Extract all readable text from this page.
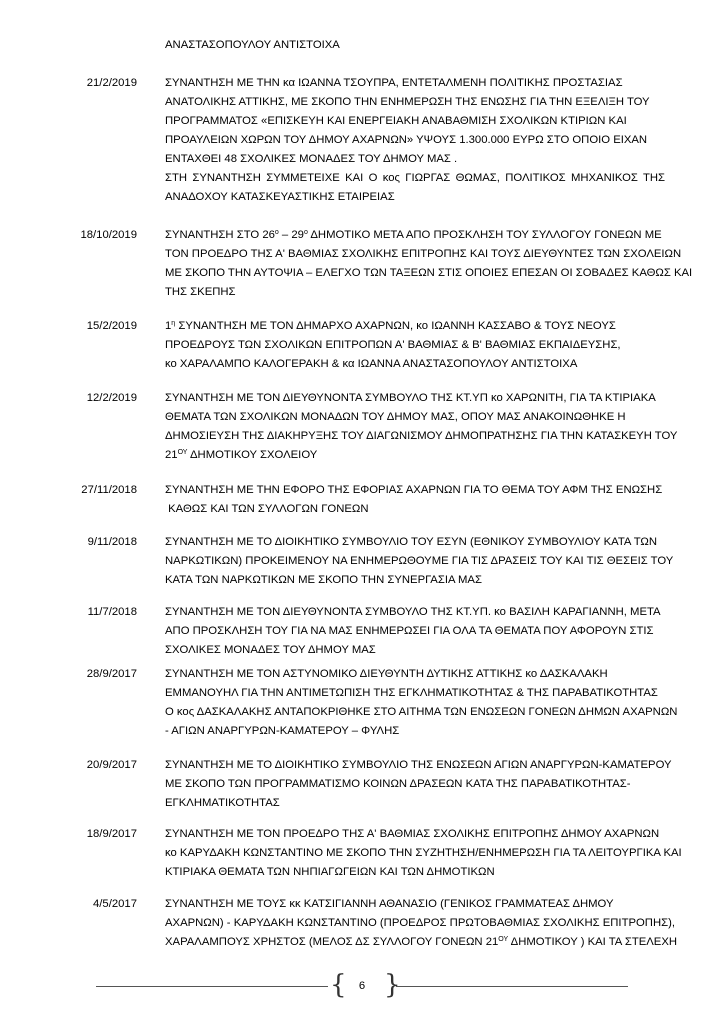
ΑΝΑΣΤΑΣΟΠΟΥΛΟΥ ΑΝΤΙΣΤΟΙΧΑ
21/2/2019 ΣΥΝΑΝΤΗΣΗ ΜΕ ΤΗΝ κα ΙΩΑΝΝΑ ΤΣΟΥΠΡΑ, ΕΝΤΕΤΑΛΜΕΝΗ ΠΟΛΙΤΙΚΗΣ ΠΡΟΣΤΑΣΙΑΣ
ΑΝΑΤΟΛΙΚΗΣ ΑΤΤΙΚΗΣ, ΜΕ ΣΚΟΠΟ ΤΗΝ ΕΝΗΜΕΡΩΣΗ ΤΗΣ ΕΝΩΣΗΣ ΓΙΑ ΤΗΝ ΕΞΕΛΙΞΗ ΤΟΥ
ΠΡΟΓΡΑΜΜΑΤΟΣ «ΕΠΙΣΚΕΥΗ ΚΑΙ ΕΝΕΡΓΕΙΑΚΗ ΑΝΑΒΑΘΜΙΣΗ ΣΧΟΛΙΚΩΝ ΚΤΙΡΙΩΝ ΚΑΙ
ΠΡΟΑΥΛΕΙΩΝ ΧΩΡΩΝ ΤΟΥ ΔΗΜΟΥ ΑΧΑΡΝΩΝ» ΥΨΟΥΣ 1.300.000 ΕΥΡΩ ΣΤΟ ΟΠΟΙΟ ΕΙΧΑΝ
ΕΝΤΑΧΘΕΙ 48 ΣΧΟΛΙΚΕΣ ΜΟΝΑΔΕΣ ΤΟΥ ΔΗΜΟΥ ΜΑΣ .
ΣΤΗ ΣΥΝΑΝΤΗΣΗ ΣΥΜΜΕΤΕΙΧΕ ΚΑΙ Ο κος ΓΙΩΡΓΑΣ ΘΩΜΑΣ, ΠΟΛΙΤΙΚΟΣ ΜΗΧΑΝΙΚΟΣ ΤΗΣ
ΑΝΑΔΟΧΟΥ ΚΑΤΑΣΚΕΥΑΣΤΙΚΗΣ ΕΤΑΙΡΕΙΑΣ
18/10/2019 ΣΥΝΑΝΤΗΣΗ ΣΤΟ $26^o - 29^o$ ΔΗΜΟΤΙΚΟ ΜΕΤΑ ΑΠΟ ΠΡΟΣΚΛΗΣΗ ΤΟΥ ΣΥΛΛΟΓΟΥ ΓΟΝΕΩΝ ΜΕ
ΤΟΝ ΠΡΟΕΔΡΟ ΤΗΣ Α' ΒΑΘΜΙΑΣ ΣΧΟΛΙΚΗΣ ΕΠΙΤΡΟΠΗΣ ΚΑΙ ΤΟΥΣ ΔΙΕΥΘΥΝΤΕΣ ΤΩΝ ΣΧΟΛΕΙΩΝ
ΜΕ ΣΚΟΠΟ ΤΗΝ ΑΥΤΟΨΙΑ – ΕΛΕΓΧΟ ΤΩΝ ΤΑΞΕΩΝ ΣΤΙΣ ΟΠΟΙΕΣ ΕΠΕΣΑΝ ΟΙ ΣΟΒΑΔΕΣ ΚΑΘΩΣ ΚΑΙ
ΤΗΣ ΣΚΕΠΗΣ
15/2/2019 $1^\eta$ ΣΥΝΑΝΤΗΣΗ ΜΕ ΤΟΝ ΔΗΜΑΡΧΟ ΑΧΑΡΝΩΝ, κο ΙΩΑΝΝΗ ΚΑΣΣΑΒΟ & ΤΟΥΣ ΝΕΟΥΣ
ΠΡΟΕΔΡΟΥΣ ΤΩΝ ΣΧΟΛΙΚΩΝ ΕΠΙΤΡΟΠΩΝ Α' ΒΑΘΜΙΑΣ & Β' ΒΑΘΜΙΑΣ ΕΚΠΑΙΔΕΥΣΗΣ,
κο ΧΑΡΑΛΑΜΠΟ ΚΑΛΟΓΕΡΑΚΗ & κα ΙΩΑΝΝΑ ΑΝΑΣΤΑΣΟΠΟΥΛΟΥ ΑΝΤΙΣΤΟΙΧΑ
12/2/2019 ΣΥΝΑΝΤΗΣΗ ΜΕ ΤΟΝ ΔΙΕΥΘΥΝΟΝΤΑ ΣΥΜΒΟΥΛΟ ΤΗΣ ΚΤ.ΥΠ κο ΧΑΡΩΝΙΤΗ, ΓΙΑ ΤΑ ΚΤΙΡΙΑΚΑ
ΘΕΜΑΤΑ ΤΩΝ ΣΧΟΛΙΚΩΝ ΜΟΝΑΔΩΝ ΤΟΥ ΔΗΜΟΥ ΜΑΣ, ΟΠΟΥ ΜΑΣ ΑΝΑΚΟΙΝΩΘΗΚΕ Η
ΔΗΜΟΣΙΕΥΣΗ ΤΗΣ ΔΙΑΚΗΡΥΞΗΣ ΤΟΥ ΔΙΑΓΩΝΙΣΜΟΥ ΔΗΜΟΠΡΑΤΗΣΗΣ ΓΙΑ ΤΗΝ ΚΑΤΑΣΚΕΥΗ ΤΟΥ
$21^{O\Upsilon}$ ΔΗΜΟΤΙΚΟΥ ΣΧΟΛΕΙΟΥ
27/11/2018 ΣΥΝΑΝΤΗΣΗ ΜΕ ΤΗΝ ΕΦΟΡΟ ΤΗΣ ΕΦΟΡΙΑΣ ΑΧΑΡΝΩΝ ΓΙΑ ΤΟ ΘΕΜΑ ΤΟΥ ΑΦΜ ΤΗΣ ΕΝΩΣΗΣ
ΚΑΘΩΣ ΚΑΙ ΤΩΝ ΣΥΛΛΟΓΩΝ ΓΟΝΕΩΝ
9/11/2018 ΣΥΝΑΝΤΗΣΗ ΜΕ ΤΟ ΔΙΟΙΚΗΤΙΚΟ ΣΥΜΒΟΥΛΙΟ ΤΟΥ ΕΣΥΝ (ΕΘΝΙΚΟΥ ΣΥΜΒΟΥΛΙΟΥ ΚΑΤΑ ΤΩΝ
ΝΑΡΚΩΤΙΚΩΝ) ΠΡΟΚΕΙΜΕΝΟΥ ΝΑ ΕΝΗΜΕΡΩΘΟΥΜΕ ΓΙΑ ΤΙΣ ΔΡΑΣΕΙΣ ΤΟΥ ΚΑΙ ΤΙΣ ΘΕΣΕΙΣ ΤΟΥ
ΚΑΤΑ ΤΩΝ ΝΑΡΚΩΤΙΚΩΝ ΜΕ ΣΚΟΠΟ ΤΗΝ ΣΥΝΕΡΓΑΣΙΑ ΜΑΣ
11/7/2018 ΣΥΝΑΝΤΗΣΗ ΜΕ ΤΟΝ ΔΙΕΥΘΥΝΟΝΤΑ ΣΥΜΒΟΥΛΟ ΤΗΣ ΚΤ.ΥΠ. κο ΒΑΣΙΛΗ ΚΑΡΑΓΙΑΝΝΗ, ΜΕΤΑ
ΑΠΟ ΠΡΟΣΚΛΗΣΗ ΤΟΥ ΓΙΑ ΝΑ ΜΑΣ ΕΝΗΜΕΡΩΣΕΙ ΓΙΑ ΟΛΑ ΤΑ ΘΕΜΑΤΑ ΠΟΥ ΑΦΟΡΟΥΝ ΣΤΙΣ
ΣΧΟΛΙΚΕΣ ΜΟΝΑΔΕΣ ΤΟΥ ΔΗΜΟΥ ΜΑΣ
28/9/2017 ΣΥΝΑΝΤΗΣΗ ΜΕ ΤΟΝ ΑΣΤΥΝΟΜΙΚΟ ΔΙΕΥΘΥΝΤΗ ΔΥΤΙΚΗΣ ΑΤΤΙΚΗΣ κο ΔΑΣΚΑΛΑΚΗ
ΕΜΜΑΝΟΥΗΛ ΓΙΑ ΤΗΝ ΑΝΤΙΜΕΤΩΠΙΣΗ ΤΗΣ ΕΓΚΛΗΜΑΤΙΚΟΤΗΤΑΣ & ΤΗΣ ΠΑΡΑΒΑΤΙΚΟΤΗΤΑΣ
Ο κος ΔΑΣΚΑΛΑΚΗΣ ΑΝΤΑΠΟΚΡΙΘΗΚΕ ΣΤΟ ΑΙΤΗΜΑ ΤΩΝ ΕΝΩΣΕΩΝ ΓΟΝΕΩΝ ΔΗΜΩΝ ΑΧΑΡΝΩΝ
- ΑΓΙΩΝ ΑΝΑΡΓΥΡΩΝ-ΚΑΜΑΤΕΡΟΥ – ΦΥΛΗΣ
20/9/2017 ΣΥΝΑΝΤΗΣΗ ΜΕ ΤΟ ΔΙΟΙΚΗΤΙΚΟ ΣΥΜΒΟΥΛΙΟ ΤΗΣ ΕΝΩΣΕΩΝ ΑΓΙΩΝ ΑΝΑΡΓΥΡΩΝ-ΚΑΜΑΤΕΡΟΥ
ΜΕ ΣΚΟΠΟ ΤΩΝ ΠΡΟΓΡΑΜΜΑΤΙΣΜΟ ΚΟΙΝΩΝ ΔΡΑΣΕΩΝ ΚΑΤΑ ΤΗΣ ΠΑΡΑΒΑΤΙΚΟΤΗΤΑΣ-
ΕΓΚΛΗΜΑΤΙΚΟΤΗΤΑΣ
18/9/2017 ΣΥΝΑΝΤΗΣΗ ΜΕ ΤΟΝ ΠΡΟΕΔΡΟ ΤΗΣ Α' ΒΑΘΜΙΑΣ ΣΧΟΛΙΚΗΣ ΕΠΙΤΡΟΠΗΣ ΔΗΜΟΥ ΑΧΑΡΝΩΝ
κο ΚΑΡΥΔΑΚΗ ΚΩΝΣΤΑΝΤΙΝΟ ΜΕ ΣΚΟΠΟ ΤΗΝ ΣΥΖΗΤΗΣΗ/ΕΝΗΜΕΡΩΣΗ ΓΙΑ ΤΑ ΛΕΙΤΟΥΡΓΙΚΑ ΚΑΙ
ΚΤΙΡΙΑΚΑ ΘΕΜΑΤΑ ΤΩΝ ΝΗΠΙΑΓΩΓΕΙΩΝ ΚΑΙ ΤΩΝ ΔΗΜΟΤΙΚΩΝ
4/5/2017 ΣΥΝΑΝΤΗΣΗ ΜΕ ΤΟΥΣ κκ ΚΑΤΣΙΓΙΑΝΝΗ ΑΘΑΝΑΣΙΟ (ΓΕΝΙΚΟΣ ΓΡΑΜΜΑΤΕΑΣ ΔΗΜΟΥ
ΑΧΑΡΝΩΝ) - ΚΑΡΥΔΑΚΗ ΚΩΝΣΤΑΝΤΙΝΟ (ΠΡΟΕΔΡΟΣ ΠΡΩΤΟΒΑΘΜΙΑΣ ΣΧΟΛΙΚΗΣ ΕΠΙΤΡΟΠΗΣ),
ΧΑΡΑΛΑΜΠΟΥΣ ΧΡΗΣΤΟΣ (ΜΕΛΟΣ ΔΣ ΣΥΛΛΟΓΟΥ ΓΟΝΕΩΝ $21^{O\Upsilon}$ ΔΗΜΟΤΙΚΟΥ ) ΚΑΙ ΤΑ ΣΤΕΛΕΧΗ
{	6 }
